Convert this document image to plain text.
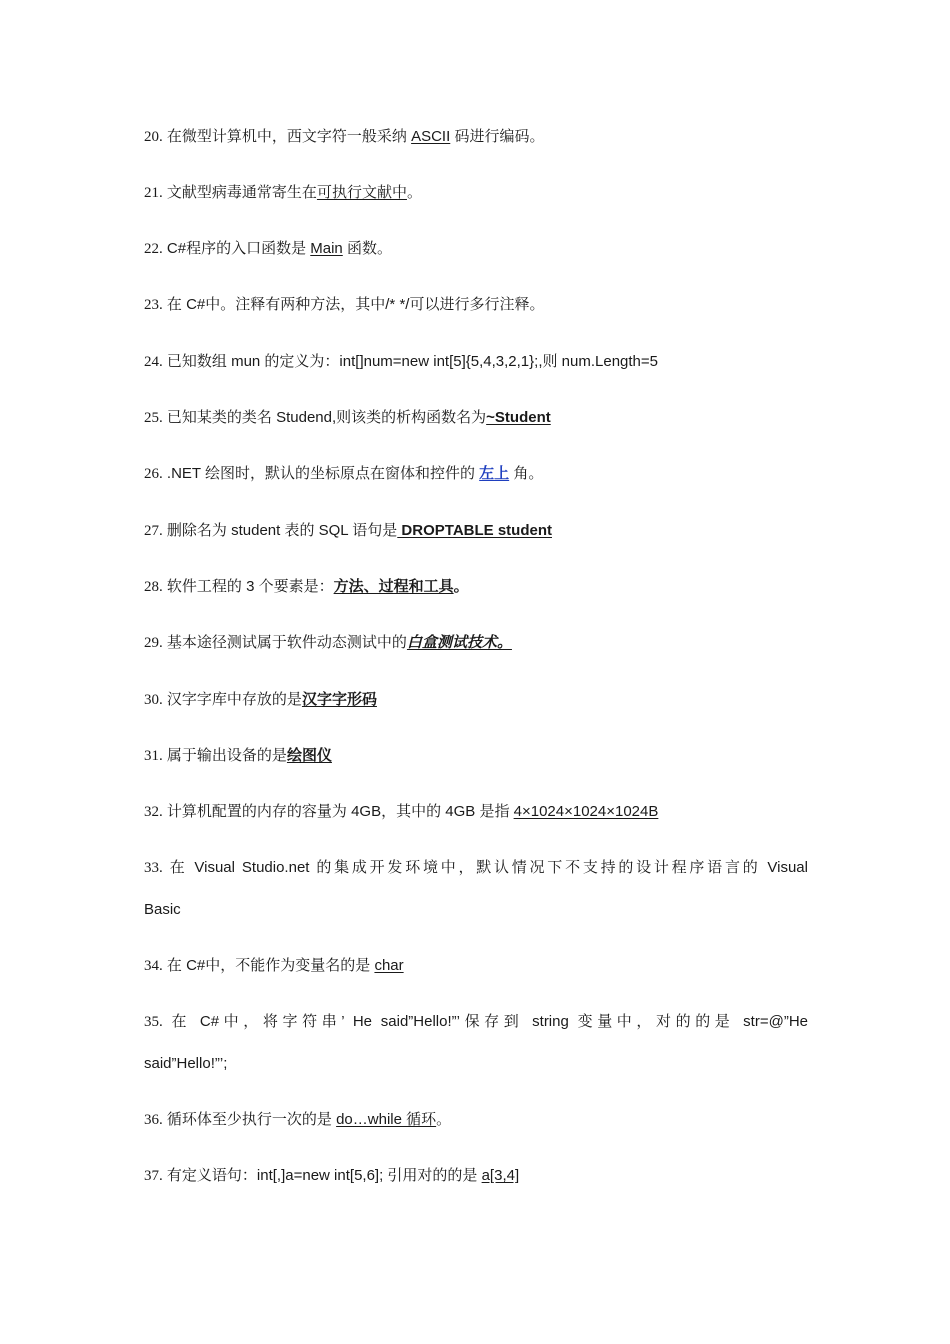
20. 在微型计算机中，西文字符一般采纳 ASCII 码进行编码。

21. 文献型病毒通常寄生在可执行文献中。

22. C#程序的入口函数是 Main 函数。

23. 在 C#中。注释有两种方法，其中/* */可以进行多行注释。

24. 已知数组 mun 的定义为：int[]num=new int[5]{5,4,3,2,1};,则 num.Length=5

25. 已知某类的类名 Studend,则该类的析构函数名为~Student

26. .NET 绘图时，默认的坐标原点在窗体和控件的 左上 角。

27. 删除名为 student 表的 SQL 语句是 DROPTABLE student

28. 软件工程的 3 个要素是：方法、过程和工具。

29. 基本途径测试属于软件动态测试中的白盒测试技术。

30. 汉字字库中存放的是汉字字形码

31. 属于输出设备的是绘图仪

32. 计算机配置的内存的容量为 4GB，其中的 4GB 是指 4×1024×1024×1024B

33. 在 Visual Studio.net 的集成开发环境中，默认情况下不支持的设计程序语言的 Visual

Basic

34. 在 C#中，不能作为变量名的是 char

35. 在 C#中，将字符串’ He said”Hello!”’保存到 string 变量中，对的的是 str=@”He

said”Hello!”’;

36. 循环体至少执行一次的是 do…while 循环。

37. 有定义语句：int[,]a=new int[5,6]; 引用对的的是 a[3,4]
